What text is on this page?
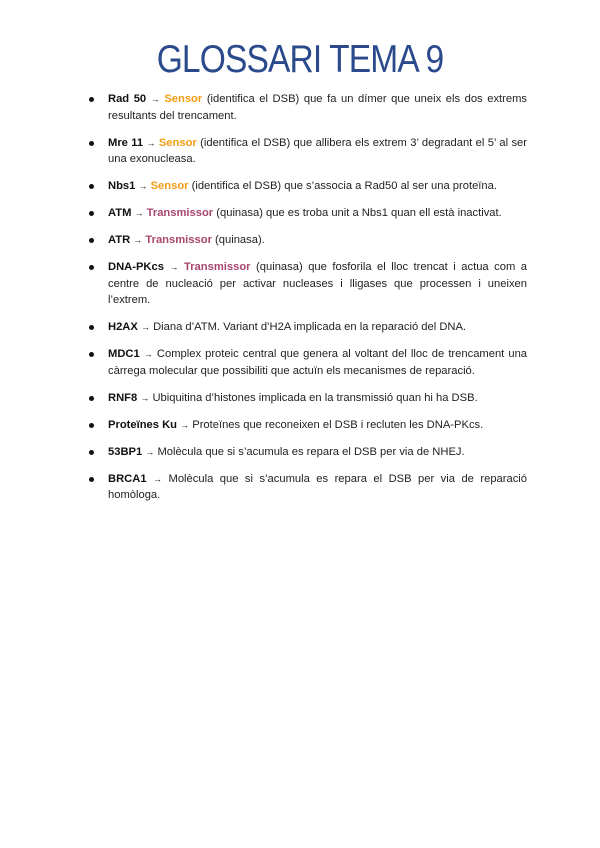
GLOSSARI TEMA 9
Rad 50 → Sensor (identifica el DSB) que fa un dímer que uneix els dos extrems resultants del trencament.
Mre 11 → Sensor (identifica el DSB) que allibera els extrem 3’ degradant el 5’ al ser una exonucleasa.
Nbs1 → Sensor (identifica el DSB) que s’associa a Rad50 al ser una proteïna.
ATM → Transmissor (quinasa) que es troba unit a Nbs1 quan ell està inactivat.
ATR → Transmissor (quinasa).
DNA-PKcs → Transmissor (quinasa) que fosforila el lloc trencat i actua com a centre de nucleació per activar nucleases i lligases que processen i uneixen l’extrem.
H2AX → Diana d’ATM. Variant d’H2A implicada en la reparació del DNA.
MDC1 → Complex proteic central que genera al voltant del lloc de trencament una càrrega molecular que possibiliti que actuïn els mecanismes de reparació.
RNF8 → Ubiquitina d’histones implicada en la transmissió quan hi ha DSB.
Proteïnes Ku → Proteïnes que reconeixen el DSB i recluten les DNA-PKcs.
53BP1 → Molècula que si s’acumula es repara el DSB per via de NHEJ.
BRCA1 → Molècula que si s’acumula es repara el DSB per via de reparació homòloga.
